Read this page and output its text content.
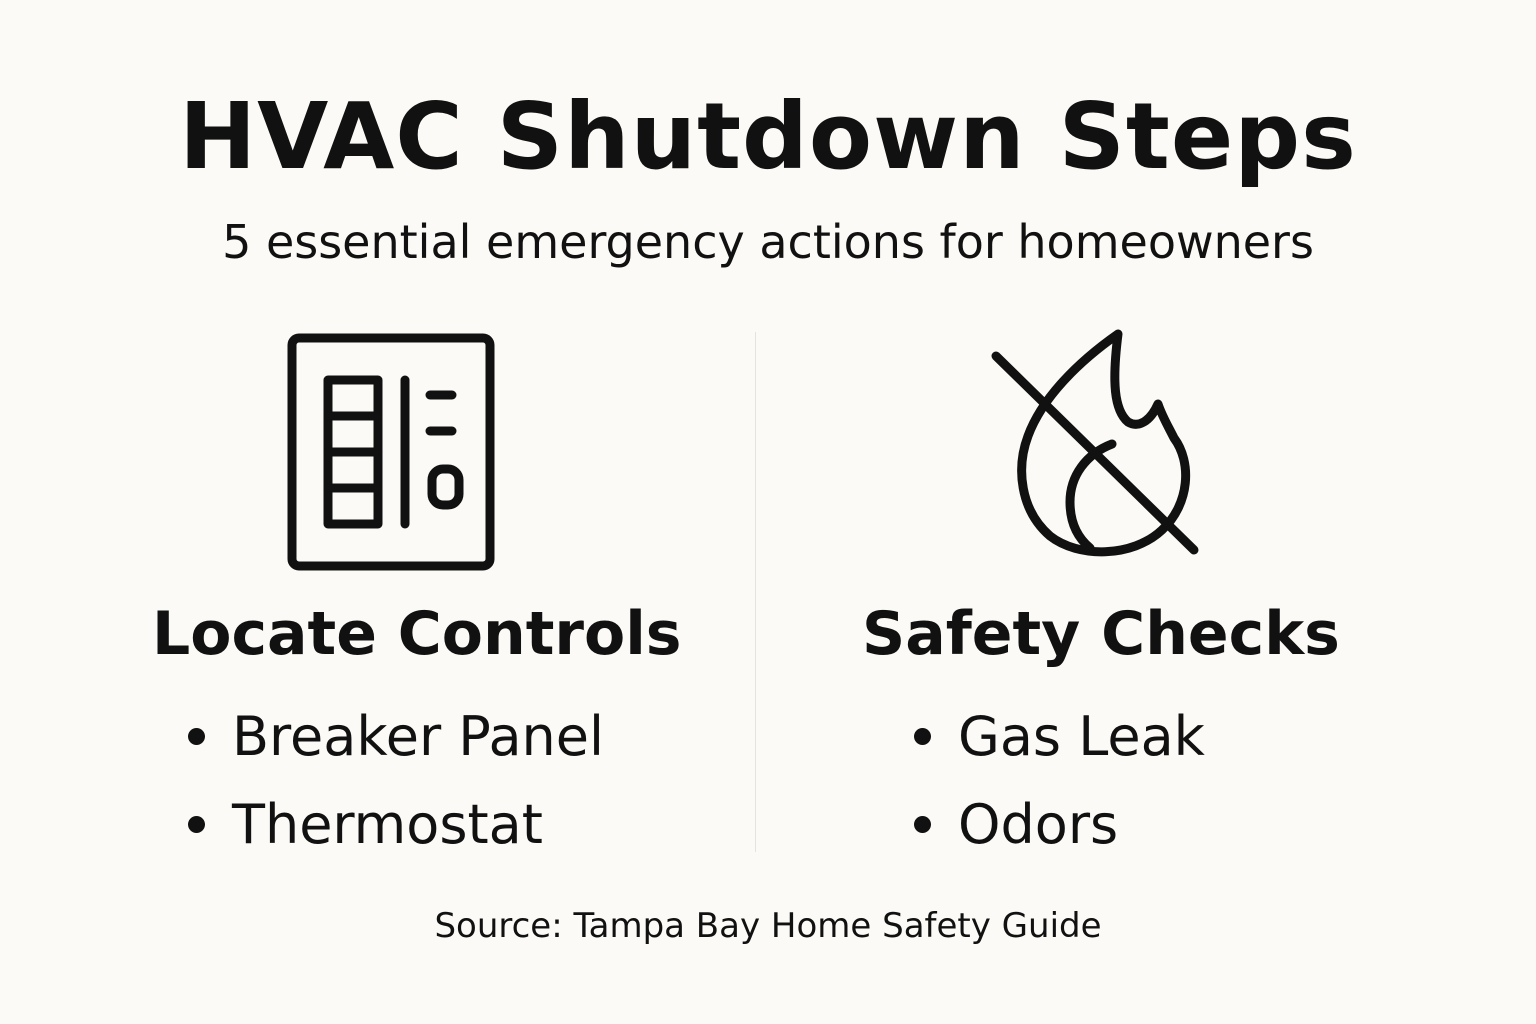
HVAC Shutdown Steps

5 essential emergency actions for homeowners

Locate Controls
Breaker Panel
Thermostat
Safety Checks
Gas Leak
Odors

Source: Tampa Bay Home Safety Guide
